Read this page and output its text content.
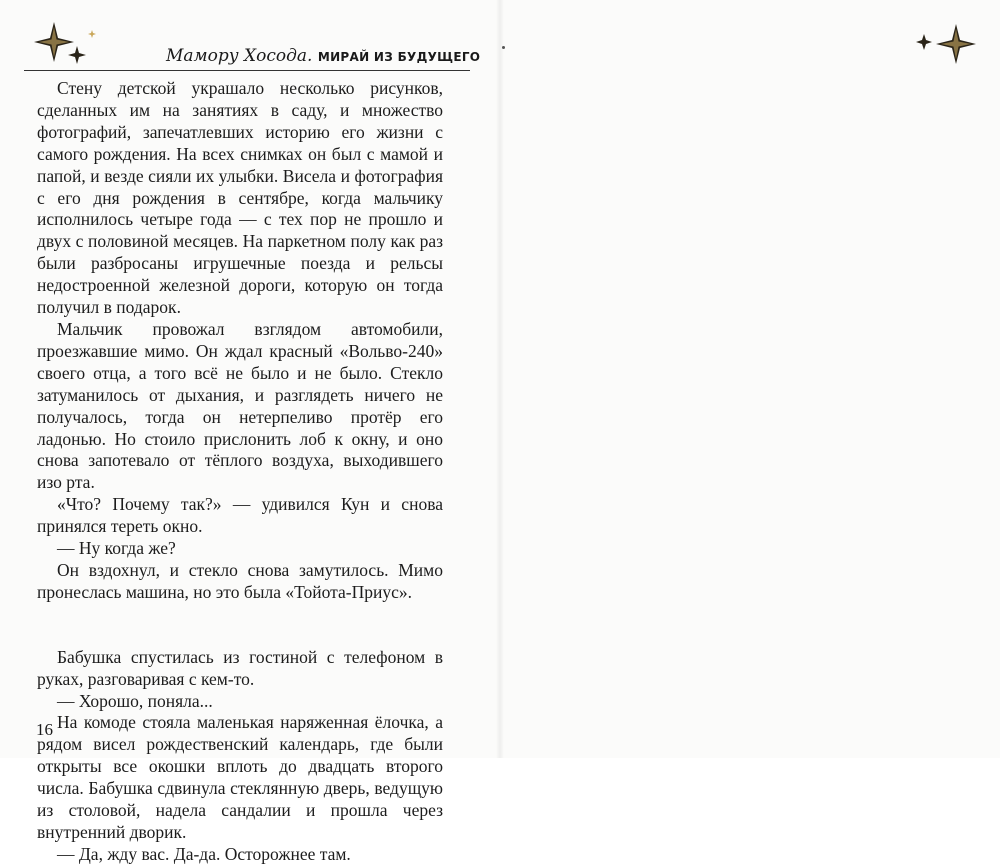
Мамору Хосода. МИРАЙ ИЗ БУДУЩЕГО

Стену детской украшало несколько рисунков, сделанных им на занятиях в саду, и множество фотографий, запечатлевших историю его жизни с самого рождения. На всех снимках он был с мамой и папой, и везде сияли их улыбки. Висела и фотография с его дня рождения в сентябре, когда мальчику исполнилось четыре года — с тех пор не прошло и двух с половиной месяцев. На паркетном полу как раз были разбросаны игрушечные поезда и рельсы недостроенной железной дороги, которую он тогда получил в подарок.

Мальчик провожал взглядом автомобили, проезжавшие мимо. Он ждал красный «Вольво-240» своего отца, а того всё не было и не было. Стекло затуманилось от дыхания, и разглядеть ничего не получалось, тогда он нетерпеливо протёр его ладонью. Но стоило прислонить лоб к окну, и оно снова запотевало от тёплого воздуха, выходившего изо рта.

«Что? Почему так?» — удивился Кун и снова принялся тереть окно.

— Ну когда же?

Он вздохнул, и стекло снова замутилось. Мимо пронеслась машина, но это была «Тойота-Приус».

Бабушка спустилась из гостиной с телефоном в руках, разговаривая с кем-то.

— Хорошо, поняла...

На комоде стояла маленькая наряженная ёлочка, а рядом висел рождественский календарь, где были открыты все окошки вплоть до двадцать второго числа. Бабушка сдвинула стеклянную дверь, ведущую из столовой, надела сандалии и прошла через внутренний дворик.

— Да, жду вас. Да-да. Осторожнее там.

16
